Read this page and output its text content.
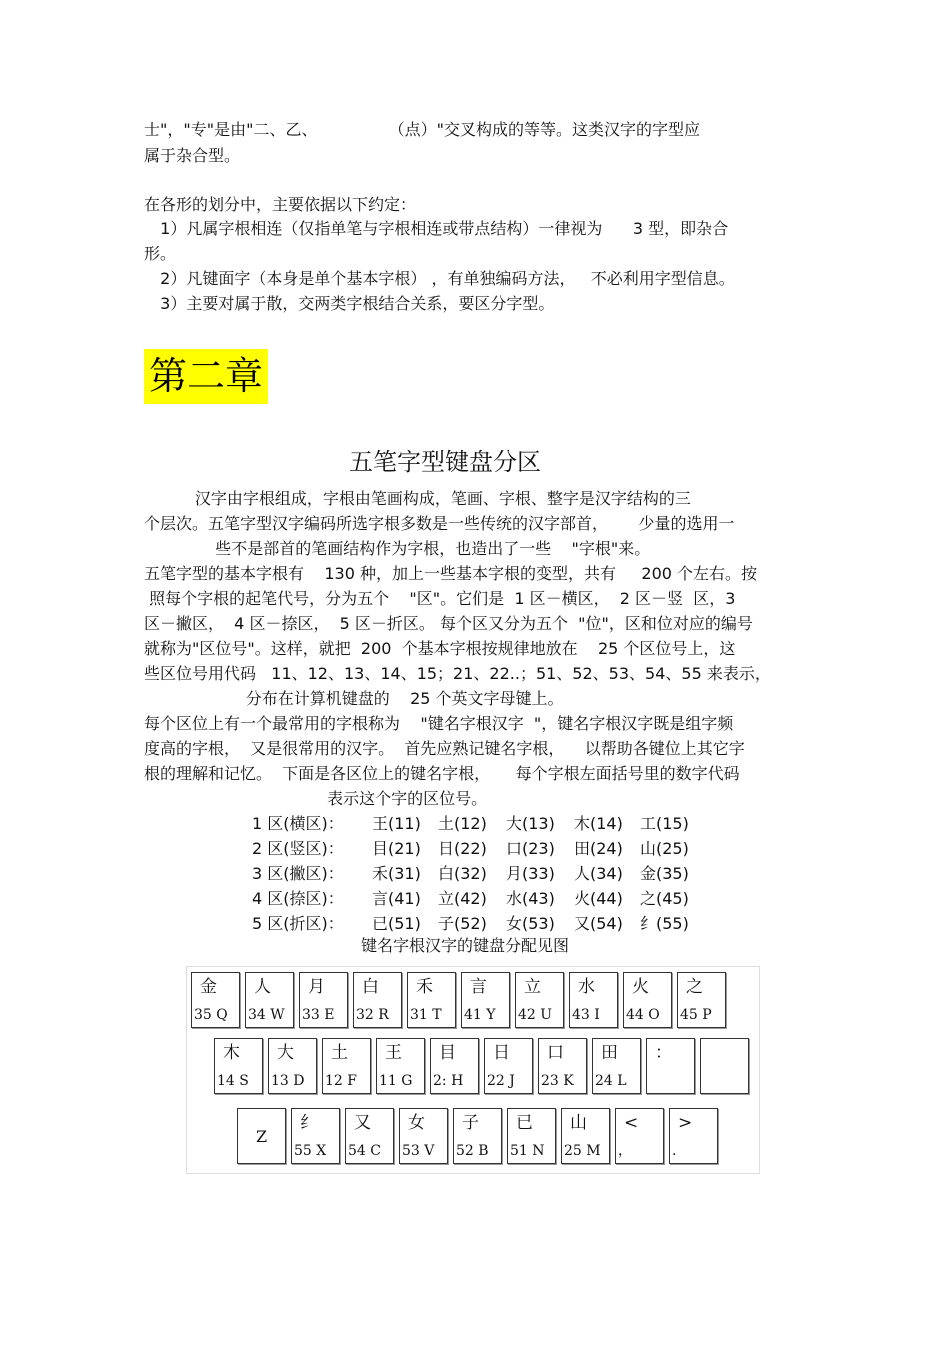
士"，"专"是由"二、乙、              （点）"交叉构成的等等。这类汉字的字型应
属于杂合型。
在各形的划分中，主要依据以下约定：
1）凡属字根相连（仅指单笔与字根相连或带点结构）一律视为      3 型，即杂合
形。
2）凡键面字（本身是单个基本字根） ，有单独编码方法，   不必利用字型信息。
3）主要对属于散，交两类字根结合关系，要区分字型。
第二章
五笔字型键盘分区
汉字由字根组成，字根由笔画构成，笔画、字根、整字是汉字结构的三
个层次。五笔字型汉字编码所选字根多数是一些传统的汉字部首，      少量的选用一
些不是部首的笔画结构作为字根，也造出了一些    "字根"来。
五笔字型的基本字根有    130 种，加上一些基本字根的变型，共有     200 个左右。按
照每个字根的起笔代号，分为五个    "区"。它们是  1 区－横区，  2 区－竖  区，3
区－撇区，  4 区－捺区，  5 区－折区。 每个区又分为五个  "位"，区和位对应的编号
就称为"区位号"。这样，就把  200  个基本字根按规律地放在    25 个区位号上，这
些区位号用代码   11、12、13、14、15；21、22..；51、52、53、54、55 来表示，
分布在计算机键盘的    25 个英文字母键上。
每个区位上有一个最常用的字根称为    "键名字根汉字  "，键名字根汉字既是组字频
度高的字根，  又是很常用的汉字。  首先应熟记键名字根，    以帮助各键位上其它字
根的理解和记忆。  下面是各区位上的键名字根，     每个字根左面括号里的数字代码
表示这个字的区位号。
1 区(横区)： 王(11) 土(12) 大(13) 木(14) 工(15)
2 区(竖区)： 目(21) 日(22) 口(23) 田(24) 山(25)
3 区(撇区)： 禾(31) 白(32) 月(33) 人(34) 金(35)
4 区(捺区)： 言(41) 立(42) 水(43) 火(44) 之(45)
5 区(折区)： 已(51) 子(52) 女(53) 又(54) 纟(55)
键名字根汉字的键盘分配见图
金
35 Q
人
34 W
月
33 E
白
32 R
禾
31 T
言
41 Y
立
42 U
水
43 I
火
44 O
之
45 P
木
14 S
大
13 D
土
12 F
王
11 G
目
2: H
日
22 J
口
23 K
田
24 L
：
Z
纟
55 X
又
54 C
女
53 V
子
52 B
已
51 N
山
25 M
<
，
>
.
